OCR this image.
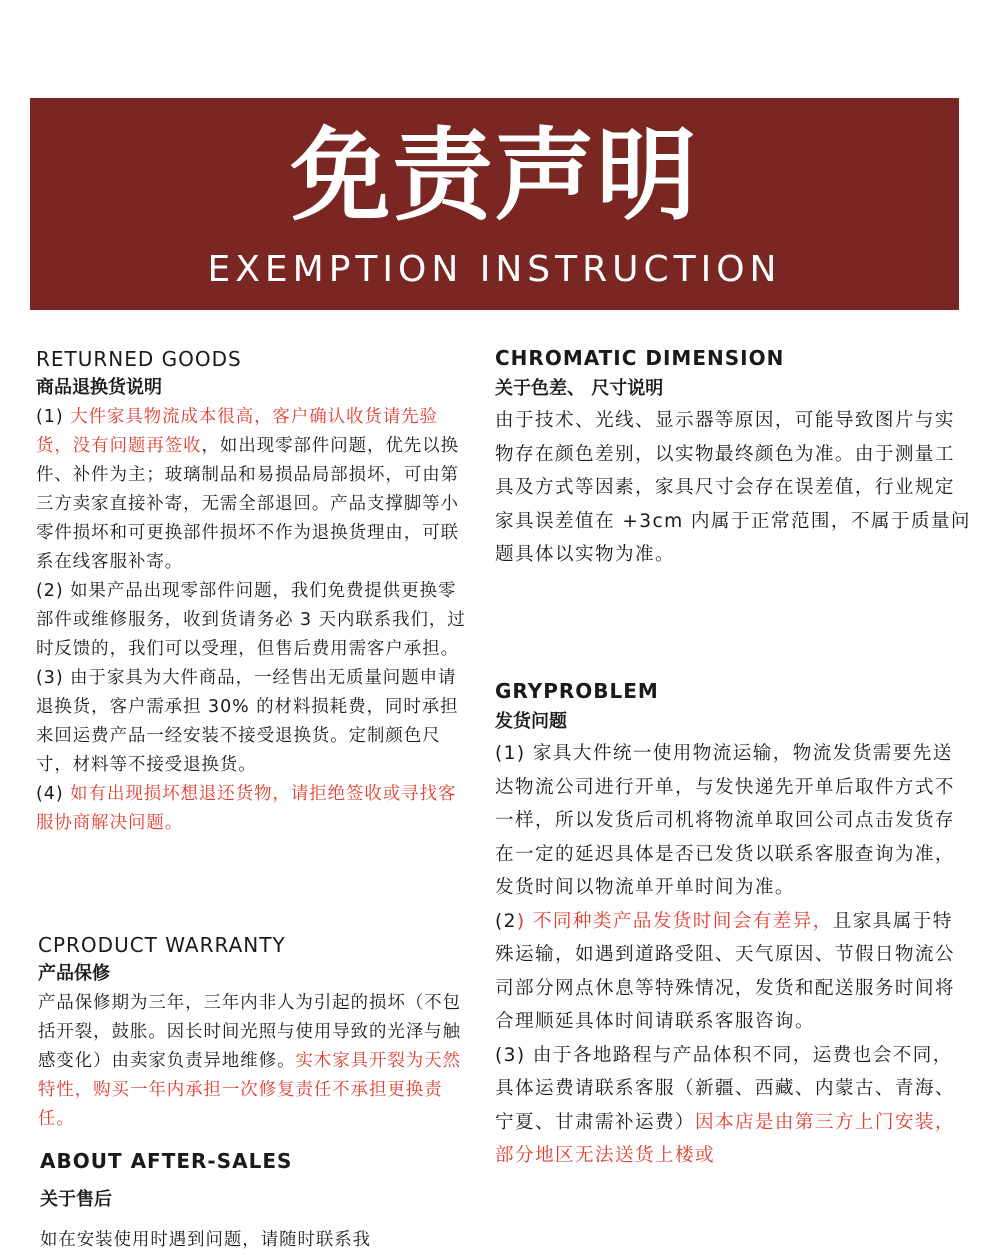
免责声明
EXEMPTION INSTRUCTION
RETURNED GOODS
商品退换货说明

(1) 大件家具物流成本很高，客户确认收货请先验货，没有问题再签收，如出现零部件问题，优先以换件、补件为主；玻璃制品和易损品局部损坏，可由第三方卖家直接补寄，无需全部退回。产品支撑脚等小零件损坏和可更换部件损坏不作为退换货理由，可联系在线客服补寄。

(2) 如果产品出现零部件问题，我们免费提供更换零部件或维修服务，收到货请务必 3 天内联系我们，过时反馈的，我们可以受理，但售后费用需客户承担。

(3) 由于家具为大件商品，一经售出无质量问题申请退换货，客户需承担 30% 的材料损耗费，同时承担来回运费产品一经安装不接受退换货。定制颜色尺寸，材料等不接受退换货。

(4) 如有出现损坏想退还货物，请拒绝签收或寻找客服协商解决问题。

CPRODUCT WARRANTY
产品保修

产品保修期为三年，三年内非人为引起的损坏（不包括开裂，鼓胀。因长时间光照与使用导致的光泽与触感变化）由卖家负责异地维修。实木家具开裂为天然特性，购买一年内承担一次修复责任不承担更换责任。

ABOUT AFTER-SALES
关于售后
如在安装使用时遇到问题，请随时联系我
CHROMATIC DIMENSION
关于色差、 尺寸说明
由于技术、光线、显示器等原因，可能导致图片与实物存在颜色差别，以实物最终颜色为准。由于测量工具及方式等因素，家具尺寸会存在误差值，行业规定家具误差值在 +3cm 内属于正常范围，不属于质量问题具体以实物为准。
GRYPROBLEM
发货问题

(1) 家具大件统一使用物流运输，物流发货需要先送达物流公司进行开单，与发快递先开单后取件方式不一样，所以发货后司机将物流单取回公司点击发货存在一定的延迟具体是否已发货以联系客服查询为准，发货时间以物流单开单时间为准。

(2) 不同种类产品发货时间会有差异，且家具属于特殊运输，如遇到道路受阻、天气原因、节假日物流公司部分网点休息等特殊情况，发货和配送服务时间将合理顺延具体时间请联系客服咨询。

(3) 由于各地路程与产品体积不同，运费也会不同，具体运费请联系客服（新疆、西藏、内蒙古、青海、宁夏、甘肃需补运费）因本店是由第三方上门安装，部分地区无法送货上楼或
